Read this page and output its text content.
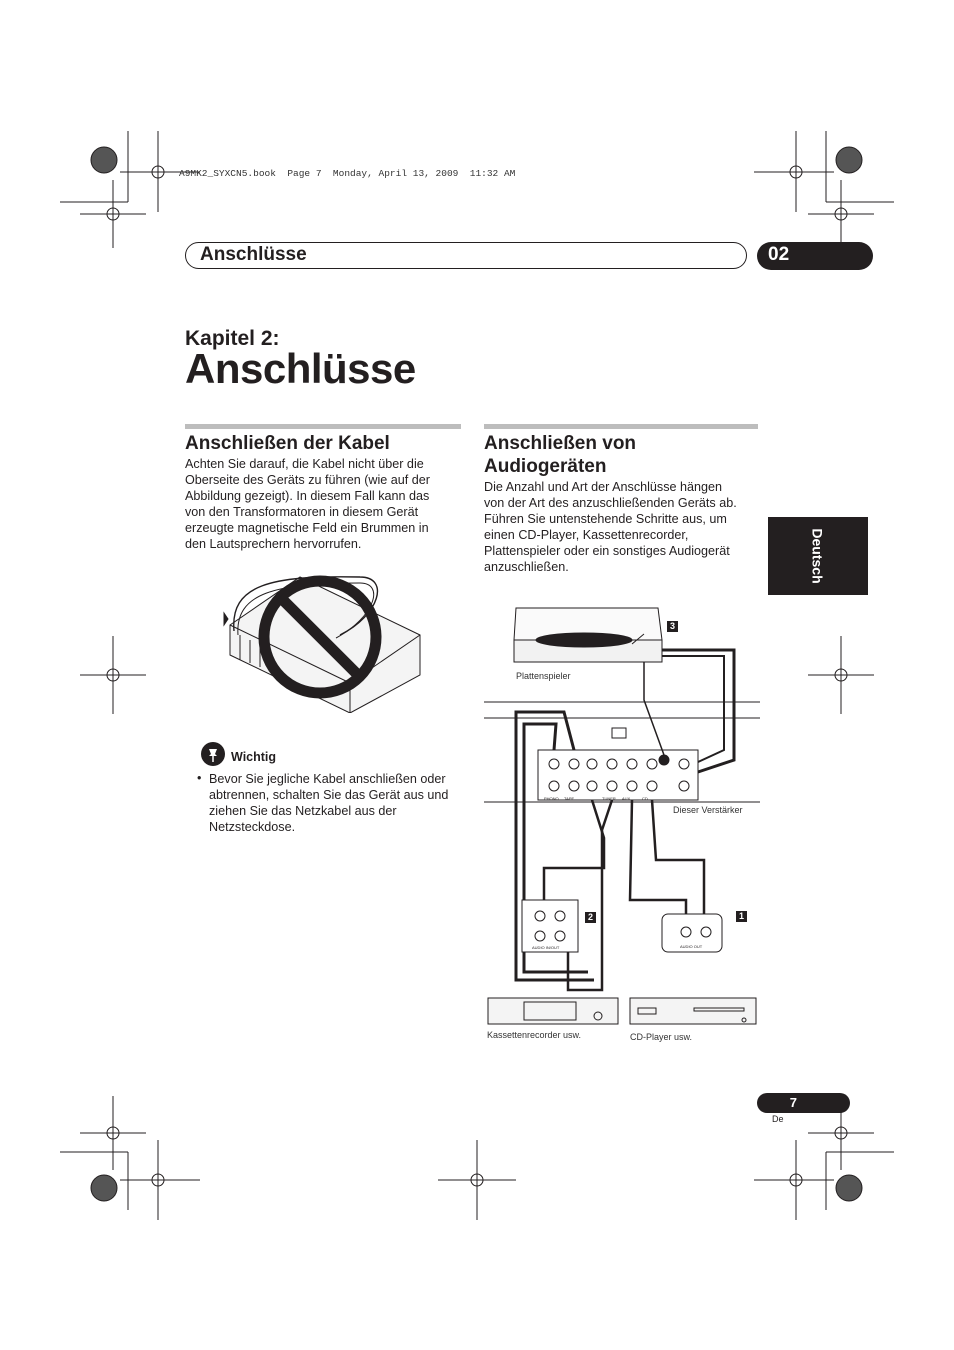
A9MK2_SYXCN5.book  Page 7  Monday, April 13, 2009  11:32 AM
Anschlüsse	02
Kapitel 2:
Anschlüsse
Anschließen der Kabel
Achten Sie darauf, die Kabel nicht über die
Oberseite des Geräts zu führen (wie auf der
Abbildung gezeigt). In diesem Fall kann das
von den Transformatoren in diesem Gerät
erzeugte magnetische Feld ein Brummen in
den Lautsprechern hervorrufen.
Wichtig
• Bevor Sie jegliche Kabel anschließen oder
abtrennen, schalten Sie das Gerät aus und
ziehen Sie das Netzkabel aus der
Netzsteckdose.
Anschließen von
Audiogeräten
Die Anzahl und Art der Anschlüsse hängen
von der Art des anzuschließenden Geräts ab.
Führen Sie untenstehende Schritte aus, um
einen CD-Player, Kassettenrecorder,
Plattenspieler oder ein sonstiges Audiogerät
anzuschließen.	Deutsch
PHONO TAPE	TUNER AUX	CD
AUDIO IN/OUT	AUDIO OUT
Plattenspieler
Dieser Verstärker
Kassettenrecorder usw.	CD-Player usw.
3
2	1
7
De
